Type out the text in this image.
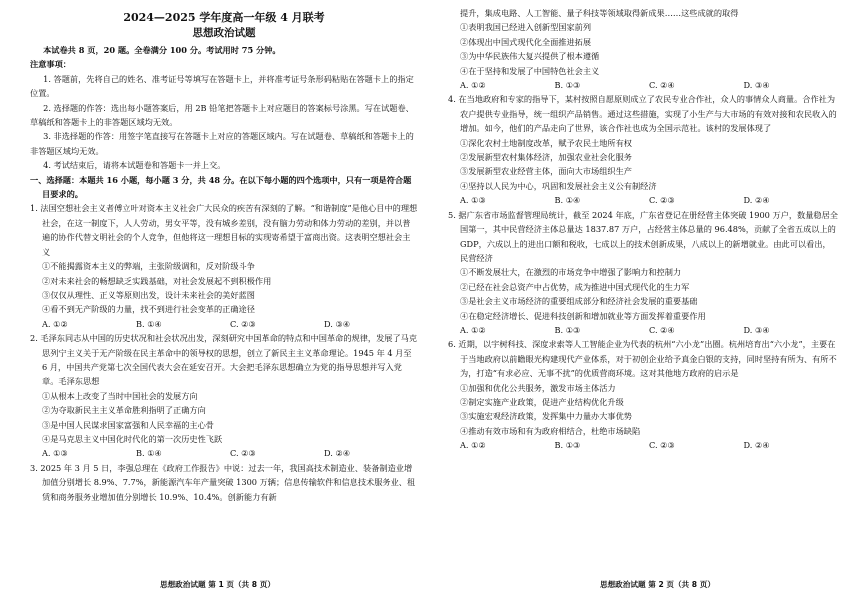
2024—2025 学年度高一年级 4 月联考
思想政治试题

本试卷共 8 页，20 题。全卷满分 100 分。考试用时 75 分钟。

注意事项：

1. 答题前，先将自己的姓名、准考证号等填写在答题卡上，并将准考证号条形码粘贴在答题卡上的指定位置。

2. 选择题的作答：选出每小题答案后，用 2B 铅笔把答题卡上对应题目的答案标号涂黑。写在试题卷、草稿纸和答题卡上的非答题区域均无效。

3. 非选择题的作答：用签字笔直接写在答题卡上对应的答题区域内。写在试题卷、草稿纸和答题卡上的非答题区域均无效。

4. 考试结束后，请将本试题卷和答题卡一并上交。

一、选择题：本题共 16 小题，每小题 3 分，共 48 分。在以下每小题的四个选项中，只有一项是符合题目要求的。

1. 法国空想社会主义者傅立叶对资本主义社会广大民众的疾苦有深刻的了解。“和谐制度”是他心目中的理想社会，在这一制度下，人人劳动，男女平等，没有城乡差别，没有脑力劳动和体力劳动的差别，并以普遍的协作代替文明社会的个人竞争，但他将这一理想目标的实现寄希望于富商出资。这表明空想社会主义

①不能揭露资本主义的弊端，主张阶级调和，反对阶级斗争

②对未来社会的畅想缺乏实践基础，对社会发展起不到积极作用

③仅仅从理性、正义等原则出发，设计未来社会的美好蓝图

④看不到无产阶级的力量，找不到进行社会变革的正确途径

A. ①②	B. ①④	C. ②③	D. ③④

2. 毛泽东同志从中国的历史状况和社会状况出发，深刻研究中国革命的特点和中国革命的规律，发展了马克思列宁主义关于无产阶级在民主革命中的领导权的思想，创立了新民主主义革命理论。1945 年 4 月至 6 月，中国共产党第七次全国代表大会在延安召开。大会把毛泽东思想确立为党的指导思想并写入党章。毛泽东思想

①从根本上改变了当时中国社会的发展方向

②为夺取新民主主义革命胜利指明了正确方向

③是中国人民谋求国家富强和人民幸福的主心骨

④是马克思主义中国化时代化的第一次历史性飞跃

A. ①③	B. ①④	C. ②③	D. ②④

3. 2025 年 3 月 5 日，李强总理在《政府工作报告》中说：过去一年，我国高技术制造业、装备制造业增加值分别增长 8.9%、7.7%，新能源汽车年产量突破 1300 万辆；信息传输软件和信息技术服务业、租赁和商务服务业增加值分别增长 10.9%、10.4%。创新能力有新

思想政治试题 第 1 页（共 8 页）

提升，集成电路、人工智能、量子科技等领域取得新成果……这些成就的取得

①表明我国已经进入创新型国家前列

②体现出中国式现代化全面推进拓展

③为中华民族伟大复兴提供了根本遵循

④在于坚持和发展了中国特色社会主义

A. ①②	B. ①③	C. ②④	D. ③④

4. 在当地政府和专家的指导下，某村按照自愿原则成立了农民专业合作社，众人的事情众人商量。合作社为农户提供专业指导，统一组织产品销售。通过这些措施，实现了小生产与大市场的有效对接和农民收入的增加。如今，他们的产品走向了世界，该合作社也成为全国示范社。该村的发展体现了

①深化农村土地制度改革，赋予农民土地所有权

②发展新型农村集体经济，加强农业社会化服务

③发展新型农业经营主体，面向大市场组织生产

④坚持以人民为中心，巩固和发展社会主义公有制经济

A. ①③	B. ①④	C. ②③	D. ②④

5. 据广东省市场监督管理局统计，截至 2024 年底，广东省登记在册经营主体突破 1900 万户，数量稳居全国第一，其中民营经济主体总量达 1837.87 万户，占经营主体总量的 96.48%，贡献了全省五成以上的 GDP，六成以上的进出口额和税收，七成以上的技术创新成果，八成以上的新增就业。由此可以看出，民营经济

①不断发展壮大，在激烈的市场竞争中增强了影响力和控制力

②已经在社会总资产中占优势，成为推进中国式现代化的生力军

③是社会主义市场经济的重要组成部分和经济社会发展的重要基础

④在稳定经济增长、促进科技创新和增加就业等方面发挥着重要作用

A. ①②	B. ①③	C. ②④	D. ③④

6. 近期，以宇树科技、深度求索等人工智能企业为代表的杭州“六小龙”出圈。杭州培育出“六小龙”，主要在于当地政府以前瞻眼光构建现代产业体系，对于初创企业给予真金白银的支持，同时坚持有所为、有所不为，打造“有求必应、无事不扰”的优质营商环境。这对其他地方政府的启示是

①加强和优化公共服务，激发市场主体活力

②制定实施产业政策，促进产业结构优化升级

③实施宏观经济政策，发挥集中力量办大事优势

④推动有效市场和有为政府相结合，杜绝市场缺陷

A. ①②	B. ①③	C. ②③	D. ②④
思想政治试题 第 2 页（共 8 页）
